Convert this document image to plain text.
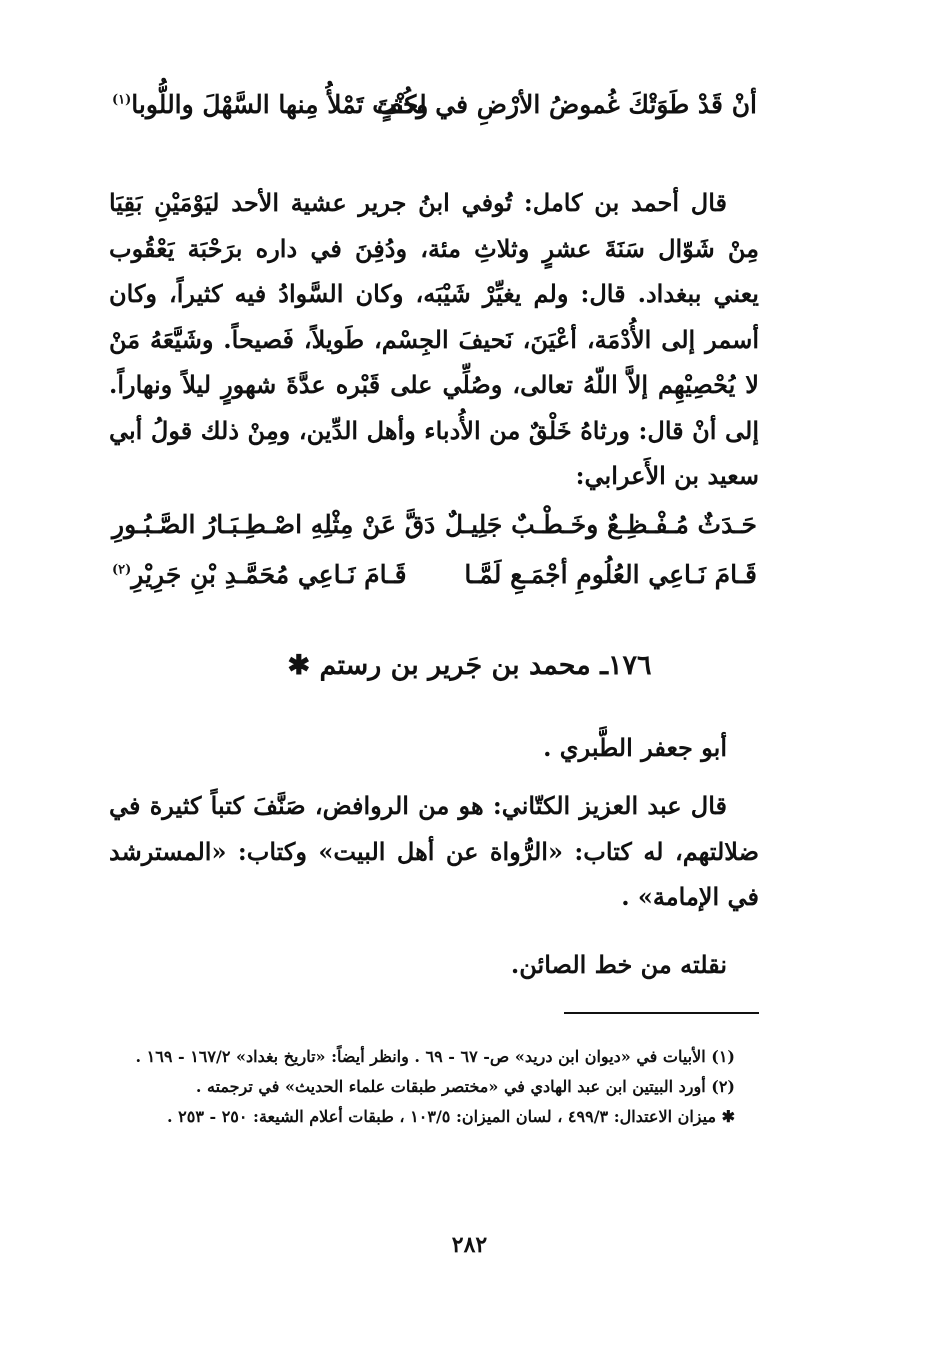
أنْ قَدْ طَوَتْكَ غُموضُ الأرْضِ في لحفٍ
وكُنْتَ تَمْلأُ مِنها السَّهْلَ واللُّوبا$^{(١)}$
قال أحمد بن كامل: تُوفي ابنُ جرير عشية الأحد ليَوْمَيْنِ بَقِيَا مِنْ شَوّال سَنَةَ عشرٍ وثلاثِ مئة، ودُفِنَ في داره برَحْبَة يَعْقُوب يعني ببغداد. قال: ولم يغيِّرْ شَيْبَه، وكان السَّوادُ فيه كثيراً، وكان أسمر إلى الأُدْمَة، أعْيَنَ، نَحيفَ الجِسْم، طَويلاً، فَصيحاً. وشَيَّعَهُ مَنْ لا يُحْصِيْهِم إلاَّ اللّهُ تعالى، وصُلِّي على قَبْره عدَّةَ شهورٍ ليلاً ونهاراً. إلى أنْ قال: ورثاهُ خَلْقٌ من الأُدباء وأهل الدِّين، ومِنْ ذلك قولُ أبي سعيد بن الأَعرابي:
حَـدَثٌ مُـفْـظِـعٌ وخَـطْـبٌ جَلِيـلٌ
دَقَّ عَنْ مِثْلِهِ اصْـطِـبَـارُ الصَّـبُـورِ
قَـامَ نَـاعِي العُلُومِ أجْمَـعِ لَمَّـا
قَـامَ نَـاعِي مُحَمَّـدِ بْنِ جَرِيْرِ$^{(٢)}$
١٧٦ـ محمد بن جَرير بن رستم ✱
أبو جعفر الطَّبري .
قال عبد العزيز الكتّاني: هو من الروافض، صَنَّفَ كتباً كثيرة في ضلالتهم، له كتاب: «الرُّواة عن أهل البيت» وكتاب: «المسترشد في الإمامة» .
نقلته من خط الصائن.

(١) الأبيات في «ديوان ابن دريد» ص- ٦٧ - ٦٩ . وانظر أيضاً: «تاريخ بغداد» ١٦٧/٢ - ١٦٩ .

(٢) أورد البيتين ابن عبد الهادي في «مختصر طبقات علماء الحديث» في ترجمته .

✱ ميزان الاعتدال: ٤٩٩/٣ ، لسان الميزان: ١٠٣/٥ ، طبقات أعلام الشيعة: ٢٥٠ - ٢٥٣ .

٢٨٢
